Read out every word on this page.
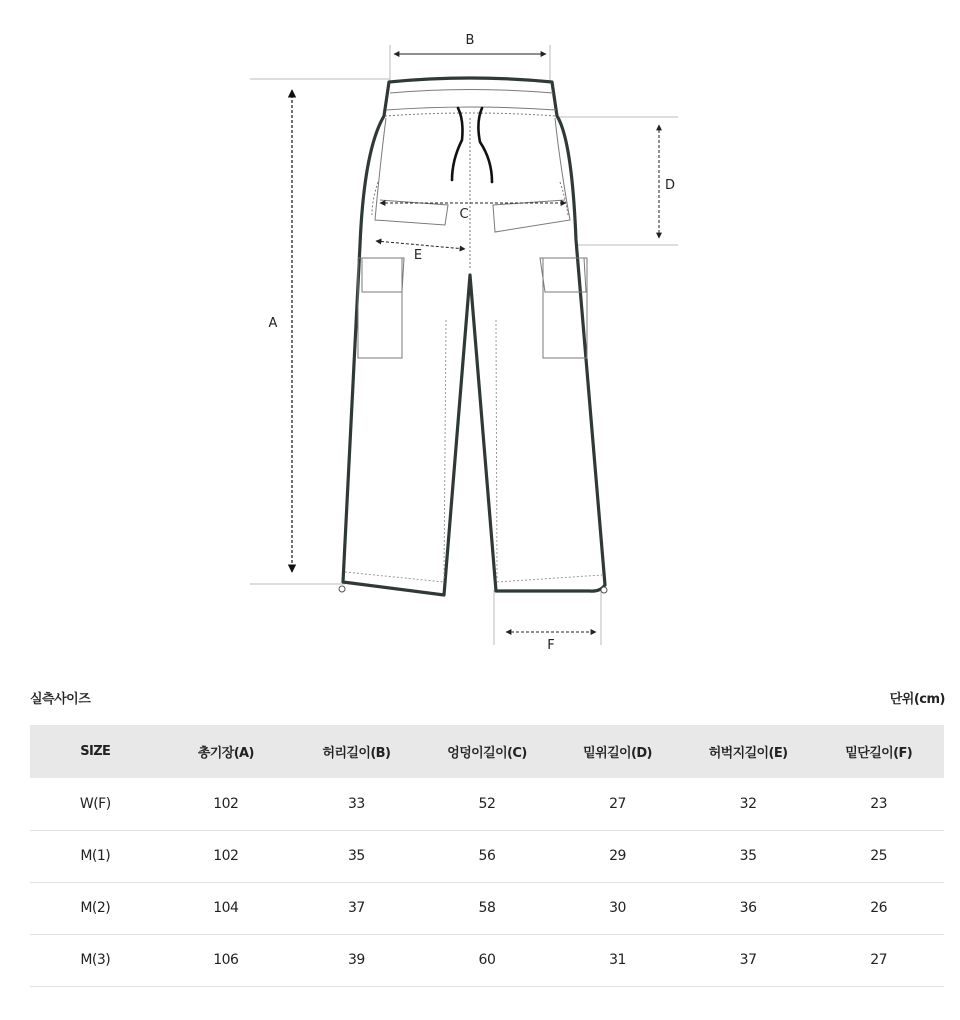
B
A
C
D
E
F
실측사이즈	단위(cm)
SIZE	총기장(A)	허리길이(B)	엉덩이길이(C)	밑위길이(D)	허벅지길이(E)	밑단길이(F)
W(F)	102	33	52	27	32	23
M(1)	102	35	56	29	35	25
M(2)	104	37	58	30	36	26
M(3)	106	39	60	31	37	27
